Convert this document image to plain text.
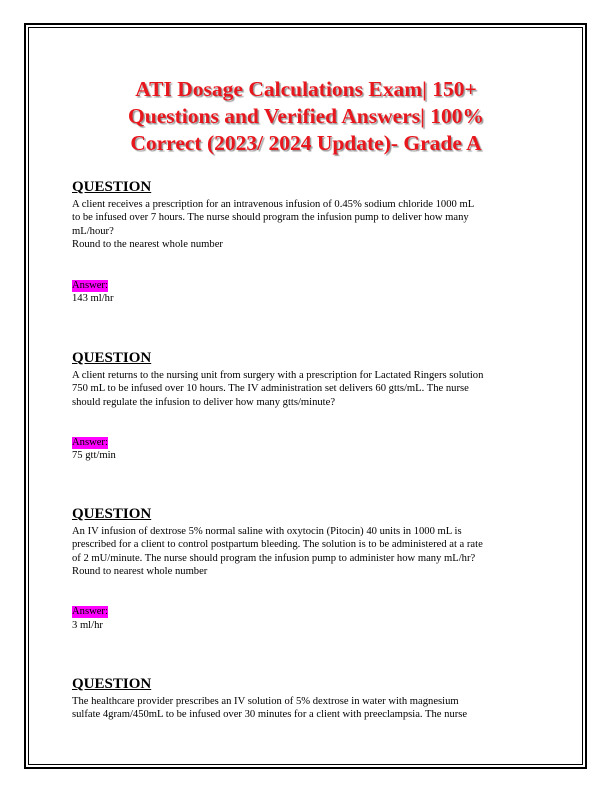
ATI Dosage Calculations Exam| 150+
Questions and Verified Answers| 100%
Correct (2023/ 2024 Update)- Grade A
QUESTION

A client receives a prescription for an intravenous infusion of 0.45% sodium chloride 1000 mL
to be infused over 7 hours. The nurse should program the infusion pump to deliver how many
mL/hour?
Round to the nearest whole number

Answer:
143 ml/hr
QUESTION

A client returns to the nursing unit from surgery with a prescription for Lactated Ringers solution
750 mL to be infused over 10 hours. The IV administration set delivers 60 gtts/mL. The nurse
should regulate the infusion to deliver how many gtts/minute?

Answer:
75 gtt/min
QUESTION

An IV infusion of dextrose 5% normal saline with oxytocin (Pitocin) 40 units in 1000 mL is
prescribed for a client to control postpartum bleeding. The solution is to be administered at a rate
of 2 mU/minute. The nurse should program the infusion pump to administer how many mL/hr?
Round to nearest whole number

Answer:
3 ml/hr
QUESTION

The healthcare provider prescribes an IV solution of 5% dextrose in water with magnesium
sulfate 4gram/450mL to be infused over 30 minutes for a client with preeclampsia. The nurse
